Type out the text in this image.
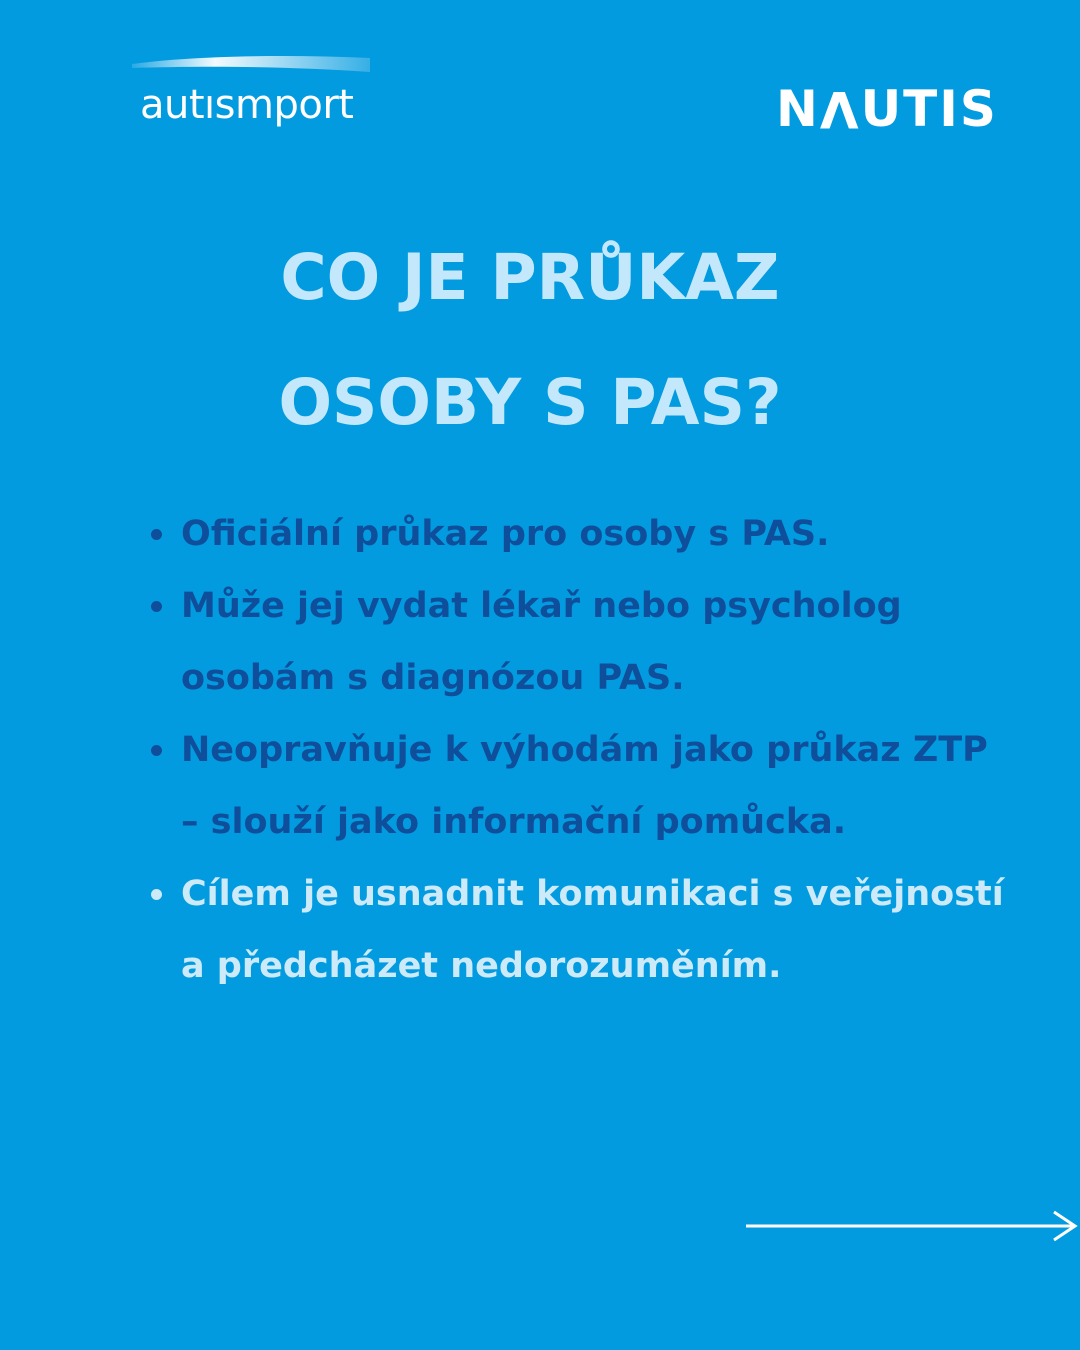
autısmport	NVUTIS
CO JE PRŮKAZ
OSOBY S PAS?
Oficiální průkaz pro osoby s PAS.
Může jej vydat lékař nebo psycholog osobám s diagnózou PAS.
Neopravňuje k výhodám jako průkaz ZTP – slouží jako informační pomůcka.
Cílem je usnadnit komunikaci s veřejností a předcházet nedorozuměním.
